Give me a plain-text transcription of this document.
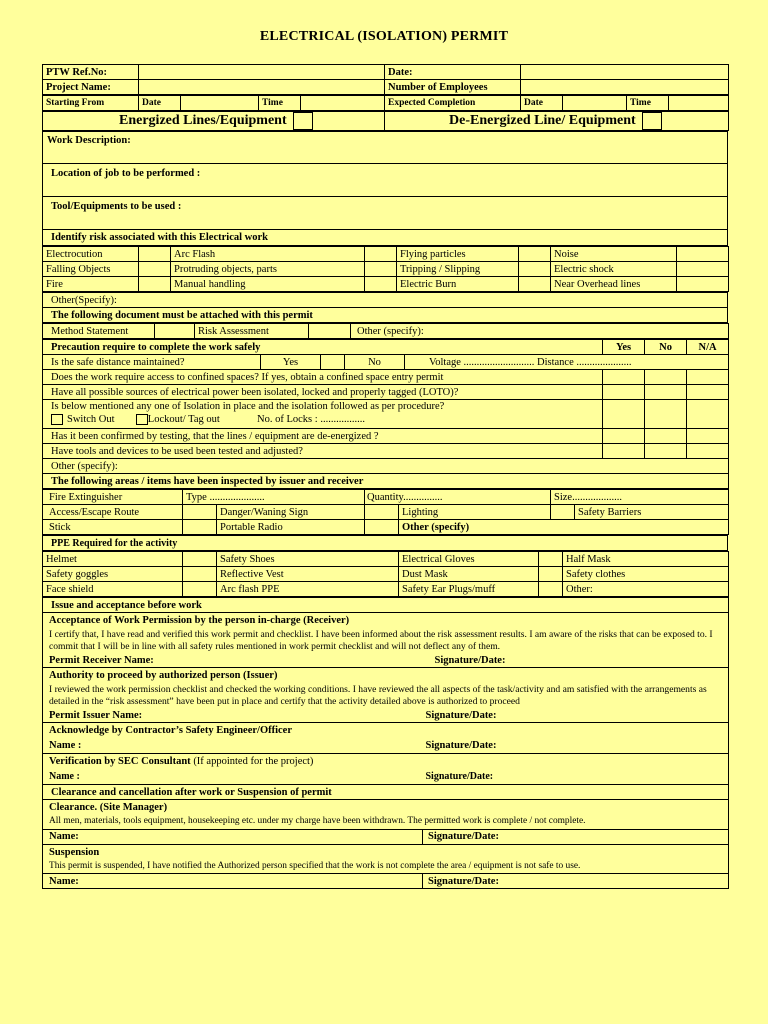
ELECTRICAL (ISOLATION) PERMIT
PTW Ref.No:		Date:	
Project Name:		Number of Employees	
Starting From	Date		Time		Expected Completion	Date		Time	
Energized Lines/Equipment	De-Energized Line/ Equipment
Work Description:
Location of job to be performed :
Tool/Equipments to be used :
Identify risk associated with this Electrical work
Electrocution		Arc Flash		Flying particles		Noise	
Falling Objects		Protruding objects, parts		Tripping / Slipping		Electric shock	
Fire		Manual handling		Electric Burn		Near Overhead lines	
Other(Specify):
The following document must be attached with this permit
Method Statement		Risk Assessment		Other (specify):
Precaution require to complete the work safely					Yes	No	N/A
Is the safe distance maintained?	Yes		No	Voltage ........................... Distance .....................			
Does the work require access to confined spaces? If yes, obtain a confined space entry permit							
Have all possible sources of electrical power been isolated, locked and properly tagged (LOTO)?							

Is below mentioned any one of Isolation in place and the isolation followed as per procedure?
Switch Out Lockout/ Tag out No. of Locks : .................							

Has it been confirmed by testing, that the lines / equipment are de-energized ?							
Have tools and devices to be used been tested and adjusted?							
Other (specify):							
The following areas / items have been inspected by issuer and receiver							
Fire Extinguisher	Type .....................		Quantity...............		Size...................	
Access/Escape Route		Danger/Waning Sign		Lighting		Safety Barriers
Stick		Portable Radio		Other (specify)		
PPE Required for the activity
Helmet		Safety Shoes	Electrical Gloves		Half Mask
Safety goggles		Reflective Vest	Dust Mask		Safety clothes
Face shield		Arc flash PPE	Safety Ear Plugs/muff		Other:
Issue and acceptance before work	

Acceptance of Work Permission by the person in-charge (Receiver)
I certify that, I have read and verified this work permit and checklist. I have been informed about the risk assessment results. I am aware of the risks that can be exposed to. I commit that I will be in line with all safety rules mentioned in work permit checklist and will not deflect any of them.	

Permit Receiver Name:	Signature/Date:

Authority to proceed by authorized person (Issuer)
I reviewed the work permission checklist and checked the working conditions. I have reviewed the all aspects of the task/activity and am satisfied with the arrangements as detailed in the “risk assessment” have been put in place and certify that the activity detailed above is authorized to proceed	

Permit Issuer Name:	Signature/Date:
Acknowledge by Contractor’s Safety Engineer/Officer	
Name :	Signature/Date:
Verification by SEC Consultant (If appointed for the project)	
Name :	Signature/Date:
Clearance and cancellation after work or Suspension of permit	

Clearance. (Site Manager)
All men, materials, tools equipment, housekeeping etc. under my charge have been withdrawn. The permitted work is complete / not complete.	

Name:	Signature/Date:

Suspension
This permit is suspended, I have notified the Authorized person specified that the work is not complete the area / equipment is not safe to use.	

Name:	Signature/Date:
